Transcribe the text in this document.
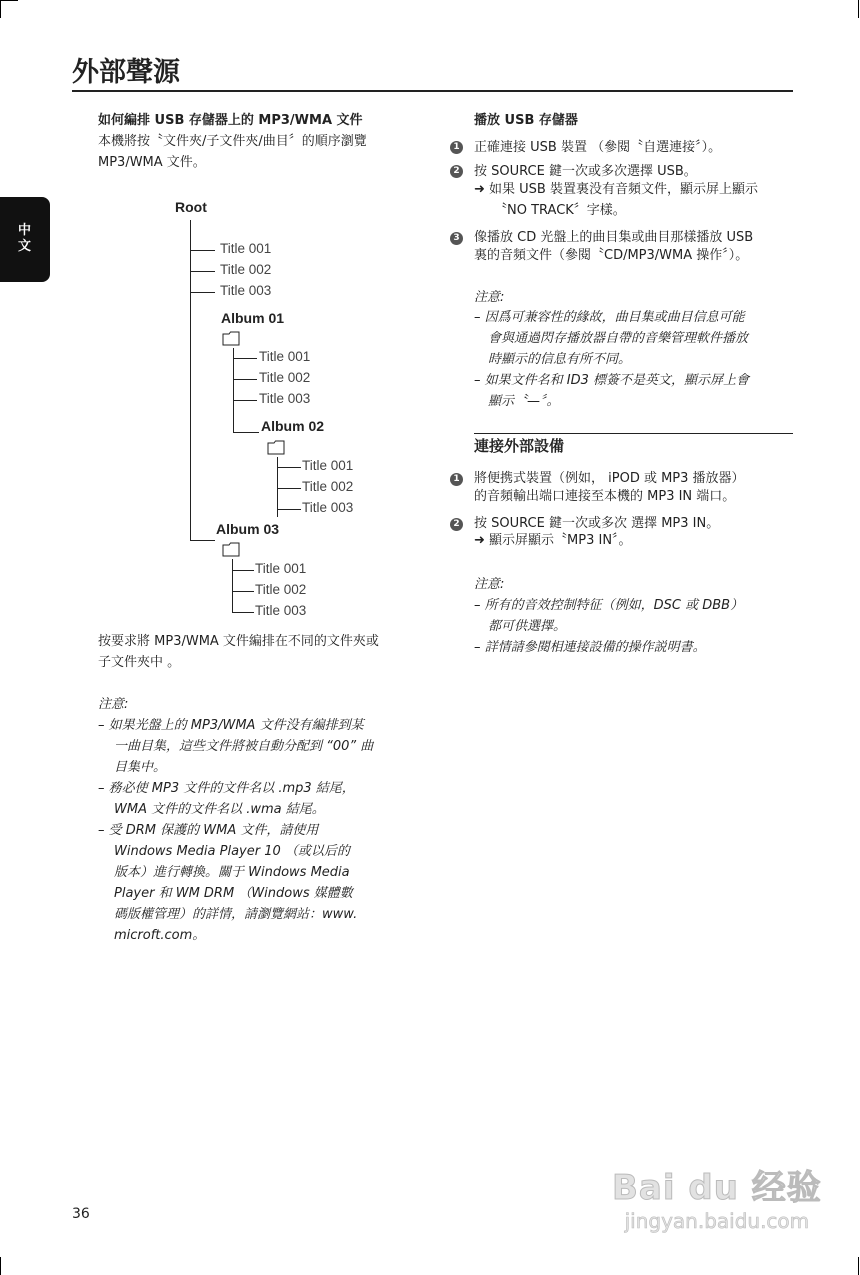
外部聲源
中文
如何編排 USB 存儲器上的 MP3/WMA 文件
本機將按〝文件夾/子文件夾/曲目〞的順序瀏覽
MP3/WMA 文件。
Root
Title 001
Title 002
Title 003
Album 01
Title 001
Title 002
Title 003
Album 02
Title 001
Title 002
Title 003
Album 03
Title 001
Title 002
Title 003
按要求將 MP3/WMA 文件編排在不同的文件夾或
子文件夾中 。
注意:
– 如果光盤上的 MP3/WMA 文件没有編排到某
一曲目集，這些文件將被自動分配到 “00” 曲
目集中。
– 務必使 MP3 文件的文件名以 .mp3 結尾，
WMA 文件的文件名以 .wma 結尾。
– 受 DRM 保護的 WMA 文件，請使用
Windows Media Player 10 （或以后的
版本）進行轉換。關于 Windows Media
Player 和 WM DRM （Windows 媒體數
碼版權管理）的詳情，請瀏覽網站：www.
microft.com。
播放 USB 存儲器
1 正確連接 USB 裝置 （參閱〝自選連接〞）。
2 按 SOURCE 鍵一次或多次選擇 USB。
➜ 如果 USB 裝置裏没有音頻文件，顯示屏上顯示
〝NO TRACK〞字樣。
3 像播放 CD 光盤上的曲目集或曲目那樣播放 USB
裏的音頻文件（參閱〝CD/MP3/WMA 操作〞）。
注意:
– 因爲可兼容性的緣故，曲目集或曲目信息可能
會與通過閃存播放器自帶的音樂管理軟件播放
時顯示的信息有所不同。
– 如果文件名和 ID3 標簽不是英文，顯示屏上會
顯示〝—〞。
連接外部設備
1 將便携式裝置（例如， iPOD 或 MP3 播放器）
的音頻輸出端口連接至本機的 MP3 IN 端口。
2 按 SOURCE 鍵一次或多次 選擇 MP3 IN。
➜ 顯示屏顯示〝MP3 IN〞。
注意:
– 所有的音效控制特征（例如，DSC 或 DBB）
都可供選擇。
– 詳情請參閱相連接設備的操作説明書。
36
Bai du 经验
jingyan.baidu.com
